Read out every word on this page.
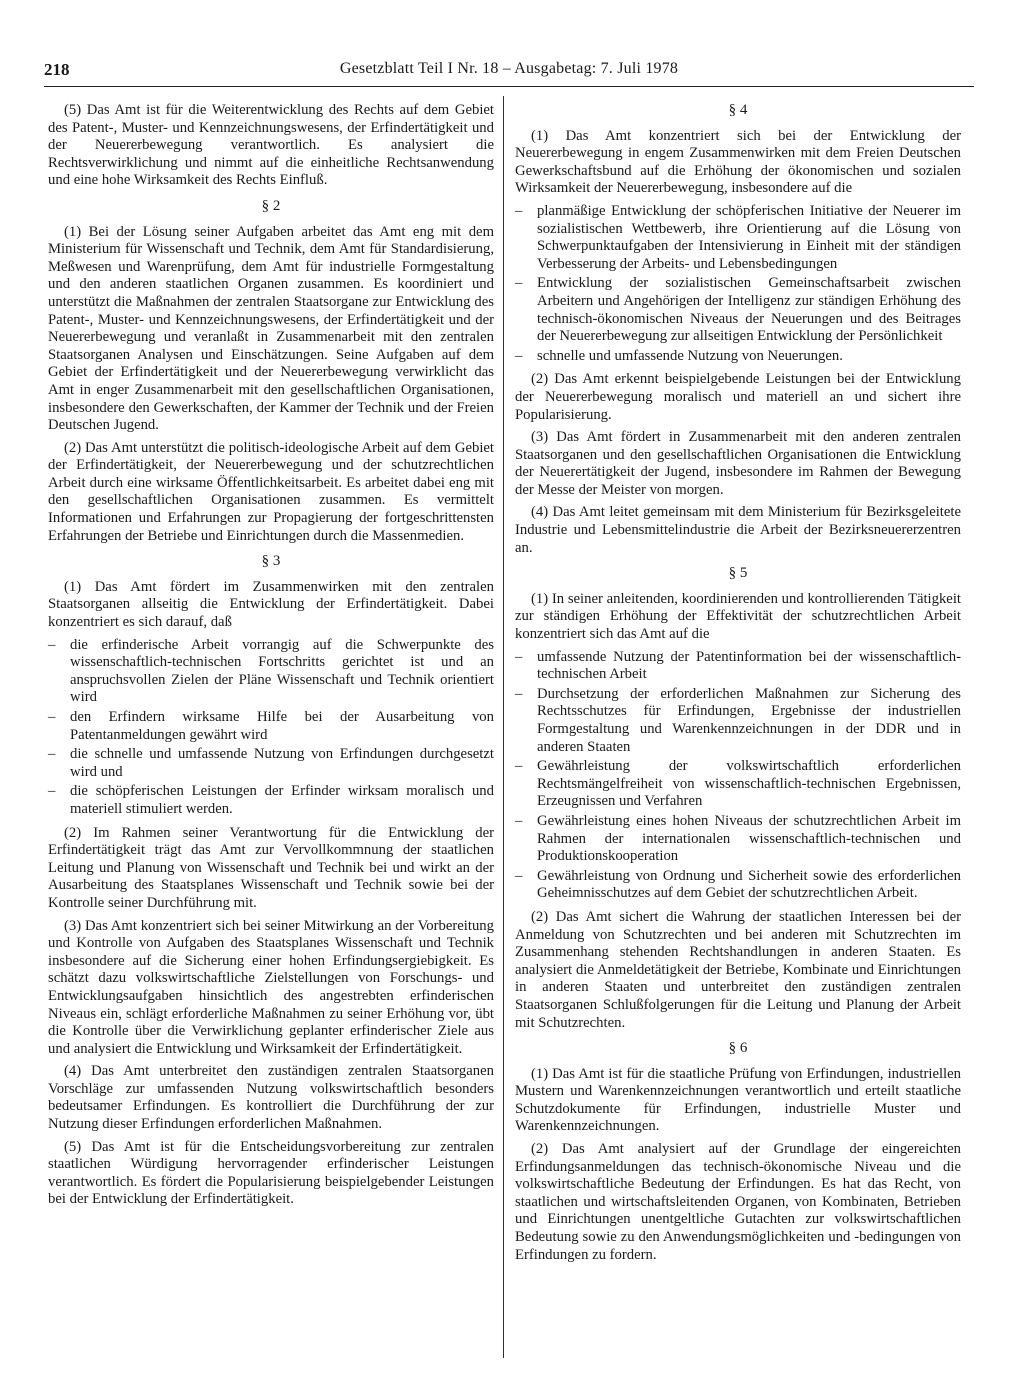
218	Gesetzblatt Teil I Nr. 18 – Ausgabetag: 7. Juli 1978

(5) Das Amt ist für die Weiterentwicklung des Rechts auf dem Gebiet des Patent-, Muster- und Kennzeichnungswesens, der Erfindertätigkeit und der Neuererbewegung verantwortlich. Es analysiert die Rechtsverwirklichung und nimmt auf die einheitliche Rechtsanwendung und eine hohe Wirksamkeit des Rechts Einfluß.

§ 2

(1) Bei der Lösung seiner Aufgaben arbeitet das Amt eng mit dem Ministerium für Wissenschaft und Technik, dem Amt für Standardisierung, Meßwesen und Warenprüfung, dem Amt für industrielle Formgestaltung und den anderen staatlichen Organen zusammen. Es koordiniert und unterstützt die Maßnahmen der zentralen Staatsorgane zur Entwicklung des Patent-, Muster- und Kennzeichnungswesens, der Erfindertätigkeit und der Neuererbewegung und veranlaßt in Zusammenarbeit mit den zentralen Staatsorganen Analysen und Einschätzungen. Seine Aufgaben auf dem Gebiet der Erfindertätigkeit und der Neuererbewegung verwirklicht das Amt in enger Zusammenarbeit mit den gesellschaftlichen Organisationen, insbesondere den Gewerkschaften, der Kammer der Technik und der Freien Deutschen Jugend.

(2) Das Amt unterstützt die politisch-ideologische Arbeit auf dem Gebiet der Erfindertätigkeit, der Neuererbewegung und der schutzrechtlichen Arbeit durch eine wirksame Öffentlichkeitsarbeit. Es arbeitet dabei eng mit den gesellschaftlichen Organisationen zusammen. Es vermittelt Informationen und Erfahrungen zur Propagierung der fortgeschrittensten Erfahrungen der Betriebe und Einrichtungen durch die Massenmedien.

§ 3

(1) Das Amt fördert im Zusammenwirken mit den zentralen Staatsorganen allseitig die Entwicklung der Erfindertätigkeit. Dabei konzentriert es sich darauf, daß

– die erfinderische Arbeit vorrangig auf die Schwerpunkte des wissenschaftlich-technischen Fortschritts gerichtet ist und an anspruchsvollen Zielen der Pläne Wissenschaft und Technik orientiert wird
– den Erfindern wirksame Hilfe bei der Ausarbeitung von Patentanmeldungen gewährt wird
– die schnelle und umfassende Nutzung von Erfindungen durchgesetzt wird und
– die schöpferischen Leistungen der Erfinder wirksam moralisch und materiell stimuliert werden.

(2) Im Rahmen seiner Verantwortung für die Entwicklung der Erfindertätigkeit trägt das Amt zur Vervollkommnung der staatlichen Leitung und Planung von Wissenschaft und Technik bei und wirkt an der Ausarbeitung des Staatsplanes Wissenschaft und Technik sowie bei der Kontrolle seiner Durchführung mit.

(3) Das Amt konzentriert sich bei seiner Mitwirkung an der Vorbereitung und Kontrolle von Aufgaben des Staatsplanes Wissenschaft und Technik insbesondere auf die Sicherung einer hohen Erfindungsergiebigkeit. Es schätzt dazu volkswirtschaftliche Zielstellungen von Forschungs- und Entwicklungsaufgaben hinsichtlich des angestrebten erfinderischen Niveaus ein, schlägt erforderliche Maßnahmen zu seiner Erhöhung vor, übt die Kontrolle über die Verwirklichung geplanter erfinderischer Ziele aus und analysiert die Entwicklung und Wirksamkeit der Erfindertätigkeit.

(4) Das Amt unterbreitet den zuständigen zentralen Staatsorganen Vorschläge zur umfassenden Nutzung volkswirtschaftlich besonders bedeutsamer Erfindungen. Es kontrolliert die Durchführung der zur Nutzung dieser Erfindungen erforderlichen Maßnahmen.

(5) Das Amt ist für die Entscheidungsvorbereitung zur zentralen staatlichen Würdigung hervorragender erfinderischer Leistungen verantwortlich. Es fördert die Popularisierung beispielgebender Leistungen bei der Entwicklung der Erfindertätigkeit.

§ 4

(1) Das Amt konzentriert sich bei der Entwicklung der Neuererbewegung in engem Zusammenwirken mit dem Freien Deutschen Gewerkschaftsbund auf die Erhöhung der ökonomischen und sozialen Wirksamkeit der Neuererbewegung, insbesondere auf die

– planmäßige Entwicklung der schöpferischen Initiative der Neuerer im sozialistischen Wettbewerb, ihre Orientierung auf die Lösung von Schwerpunktaufgaben der Intensivierung in Einheit mit der ständigen Verbesserung der Arbeits- und Lebensbedingungen
– Entwicklung der sozialistischen Gemeinschaftsarbeit zwischen Arbeitern und Angehörigen der Intelligenz zur ständigen Erhöhung des technisch-ökonomischen Niveaus der Neuerungen und des Beitrages der Neuererbewegung zur allseitigen Entwicklung der Persönlichkeit
– schnelle und umfassende Nutzung von Neuerungen.

(2) Das Amt erkennt beispielgebende Leistungen bei der Entwicklung der Neuererbewegung moralisch und materiell an und sichert ihre Popularisierung.

(3) Das Amt fördert in Zusammenarbeit mit den anderen zentralen Staatsorganen und den gesellschaftlichen Organisationen die Entwicklung der Neuerertätigkeit der Jugend, insbesondere im Rahmen der Bewegung der Messe der Meister von morgen.

(4) Das Amt leitet gemeinsam mit dem Ministerium für Bezirksgeleitete Industrie und Lebensmittelindustrie die Arbeit der Bezirksneuererzentren an.

§ 5

(1) In seiner anleitenden, koordinierenden und kontrollierenden Tätigkeit zur ständigen Erhöhung der Effektivität der schutzrechtlichen Arbeit konzentriert sich das Amt auf die

– umfassende Nutzung der Patentinformation bei der wissenschaftlich-technischen Arbeit
– Durchsetzung der erforderlichen Maßnahmen zur Sicherung des Rechtsschutzes für Erfindungen, Ergebnisse der industriellen Formgestaltung und Warenkennzeichnungen in der DDR und in anderen Staaten
– Gewährleistung der volkswirtschaftlich erforderlichen Rechtsmängelfreiheit von wissenschaftlich-technischen Ergebnissen, Erzeugnissen und Verfahren
– Gewährleistung eines hohen Niveaus der schutzrechtlichen Arbeit im Rahmen der internationalen wissenschaftlich-technischen und Produktionskooperation
– Gewährleistung von Ordnung und Sicherheit sowie des erforderlichen Geheimnisschutzes auf dem Gebiet der schutzrechtlichen Arbeit.

(2) Das Amt sichert die Wahrung der staatlichen Interessen bei der Anmeldung von Schutzrechten und bei anderen mit Schutzrechten im Zusammenhang stehenden Rechtshandlungen in anderen Staaten. Es analysiert die Anmeldetätigkeit der Betriebe, Kombinate und Einrichtungen in anderen Staaten und unterbreitet den zuständigen zentralen Staatsorganen Schlußfolgerungen für die Leitung und Planung der Arbeit mit Schutzrechten.

§ 6

(1) Das Amt ist für die staatliche Prüfung von Erfindungen, industriellen Mustern und Warenkennzeichnungen verantwortlich und erteilt staatliche Schutzdokumente für Erfindungen, industrielle Muster und Warenkennzeichnungen.

(2) Das Amt analysiert auf der Grundlage der eingereichten Erfindungsanmeldungen das technisch-ökonomische Niveau und die volkswirtschaftliche Bedeutung der Erfindungen. Es hat das Recht, von staatlichen und wirtschaftsleitenden Organen, von Kombinaten, Betrieben und Einrichtungen unentgeltliche Gutachten zur volkswirtschaftlichen Bedeutung sowie zu den Anwendungsmöglichkeiten und -bedingungen von Erfindungen zu fordern.
